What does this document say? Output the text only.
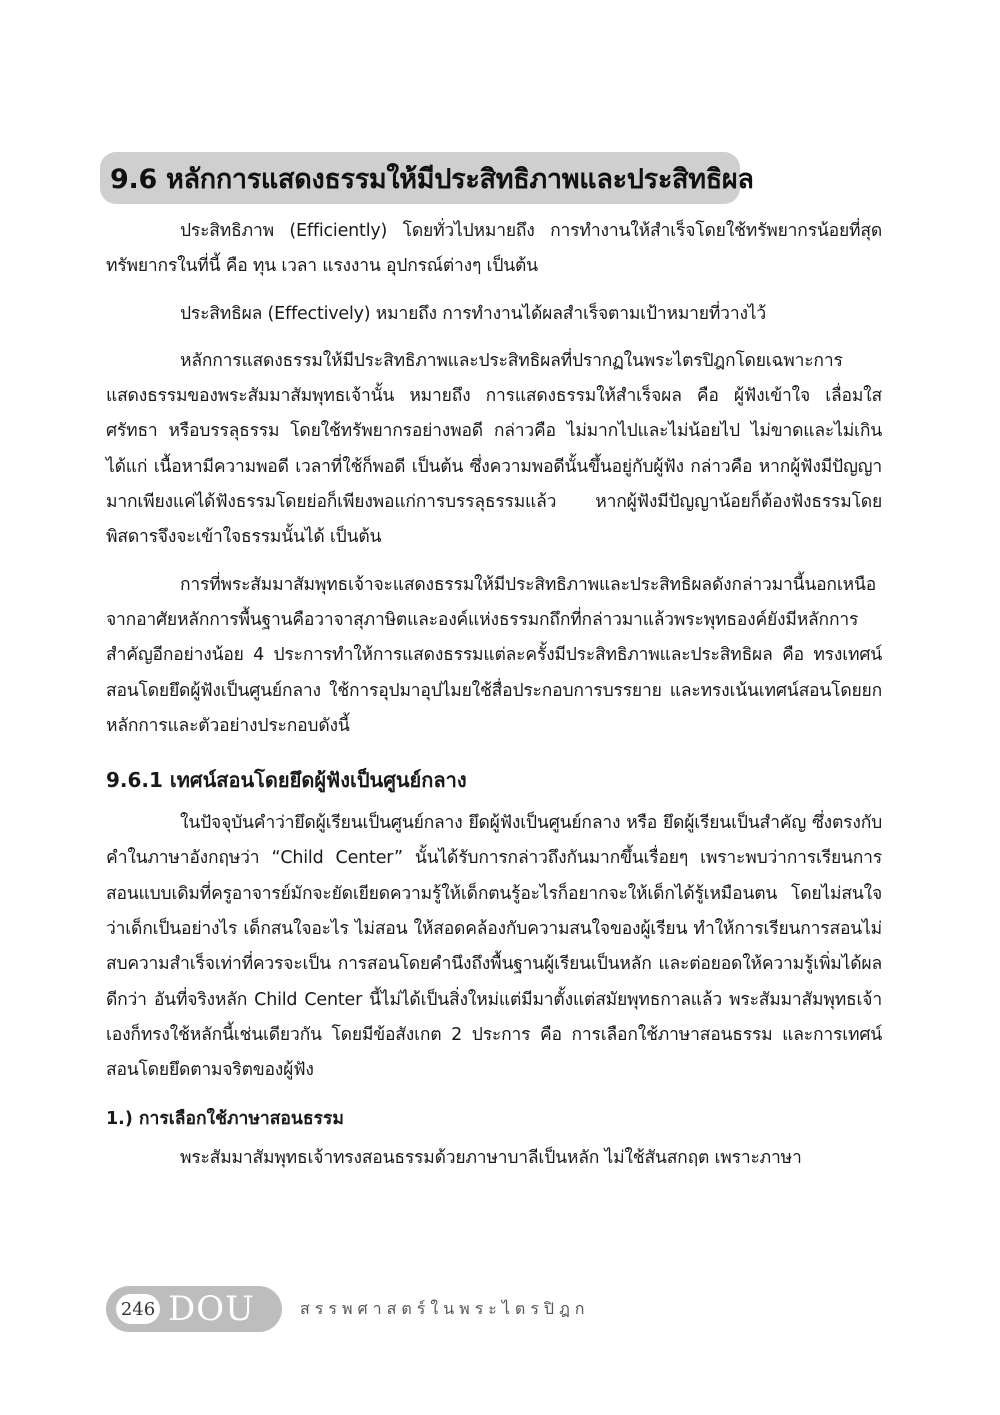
9.6 หลักการแสดงธรรมให้มีประสิทธิภาพและประสิทธิผล

ประสิทธิภาพ (Efficiently) โดยทั่วไปหมายถึง การทำงานให้สำเร็จโดยใช้ทรัพยากรน้อยที่สุด ทรัพยากรในที่นี้ คือ ทุน เวลา แรงงาน อุปกรณ์ต่างๆ เป็นต้น

ประสิทธิผล (Effectively) หมายถึง การทำงานได้ผลสำเร็จตามเป้าหมายที่วางไว้

หลักการแสดงธรรมให้มีประสิทธิภาพและประสิทธิผลที่ปรากฏในพระไตรปิฎกโดยเฉพาะการแสดงธรรมของพระสัมมาสัมพุทธเจ้านั้น หมายถึง การแสดงธรรมให้สำเร็จผล คือ ผู้ฟังเข้าใจ เลื่อมใสศรัทธา หรือบรรลุธรรม โดยใช้ทรัพยากรอย่างพอดี กล่าวคือ ไม่มากไปและไม่น้อยไป ไม่ขาดและไม่เกิน ได้แก่ เนื้อหามีความพอดี เวลาที่ใช้ก็พอดี เป็นต้น ซึ่งความพอดีนั้นขึ้นอยู่กับผู้ฟัง กล่าวคือ หากผู้ฟังมีปัญญามากเพียงแค่ได้ฟังธรรมโดยย่อก็เพียงพอแก่การบรรลุธรรมแล้ว หากผู้ฟังมีปัญญาน้อยก็ต้องฟังธรรมโดยพิสดารจึงจะเข้าใจธรรมนั้นได้ เป็นต้น

การที่พระสัมมาสัมพุทธเจ้าจะแสดงธรรมให้มีประสิทธิภาพและประสิทธิผลดังกล่าวมานี้นอกเหนือจากอาศัยหลักการพื้นฐานคือวาจาสุภาษิตและองค์แห่งธรรมกถึกที่กล่าวมาแล้วพระพุทธองค์ยังมีหลักการสำคัญอีกอย่างน้อย 4 ประการทำให้การแสดงธรรมแต่ละครั้งมีประสิทธิภาพและประสิทธิผล คือ ทรงเทศน์สอนโดยยึดผู้ฟังเป็นศูนย์กลาง ใช้การอุปมาอุปไมยใช้สื่อประกอบการบรรยาย และทรงเน้นเทศน์สอนโดยยกหลักการและตัวอย่างประกอบดังนี้

9.6.1 เทศน์สอนโดยยึดผู้ฟังเป็นศูนย์กลาง

ในปัจจุบันคำว่ายึดผู้เรียนเป็นศูนย์กลาง ยึดผู้ฟังเป็นศูนย์กลาง หรือ ยึดผู้เรียนเป็นสำคัญ ซึ่งตรงกับคำในภาษาอังกฤษว่า “Child Center” นั้นได้รับการกล่าวถึงกันมากขึ้นเรื่อยๆ เพราะพบว่าการเรียนการสอนแบบเดิมที่ครูอาจารย์มักจะยัดเยียดความรู้ให้เด็กตนรู้อะไรก็อยากจะให้เด็กได้รู้เหมือนตน โดยไม่สนใจว่าเด็กเป็นอย่างไร เด็กสนใจอะไร ไม่สอน ให้สอดคล้องกับความสนใจของผู้เรียน ทำให้การเรียนการสอนไม่สบความสำเร็จเท่าที่ควรจะเป็น การสอนโดยคำนึงถึงพื้นฐานผู้เรียนเป็นหลัก และต่อยอดให้ความรู้เพิ่มได้ผลดีกว่า อันที่จริงหลัก Child Center นี้ไม่ได้เป็นสิ่งใหม่แต่มีมาตั้งแต่สมัยพุทธกาลแล้ว พระสัมมาสัมพุทธเจ้าเองก็ทรงใช้หลักนี้เช่นเดียวกัน โดยมีข้อสังเกต 2 ประการ คือ การเลือกใช้ภาษาสอนธรรม และการเทศน์สอนโดยยึดตามจริตของผู้ฟัง

1.) การเลือกใช้ภาษาสอนธรรม

พระสัมมาสัมพุทธเจ้าทรงสอนธรรมด้วยภาษาบาลีเป็นหลัก ไม่ใช้สันสกฤต เพราะภาษา

246 DOU	สรรพศาสตร์ในพระไตรปิฎก
